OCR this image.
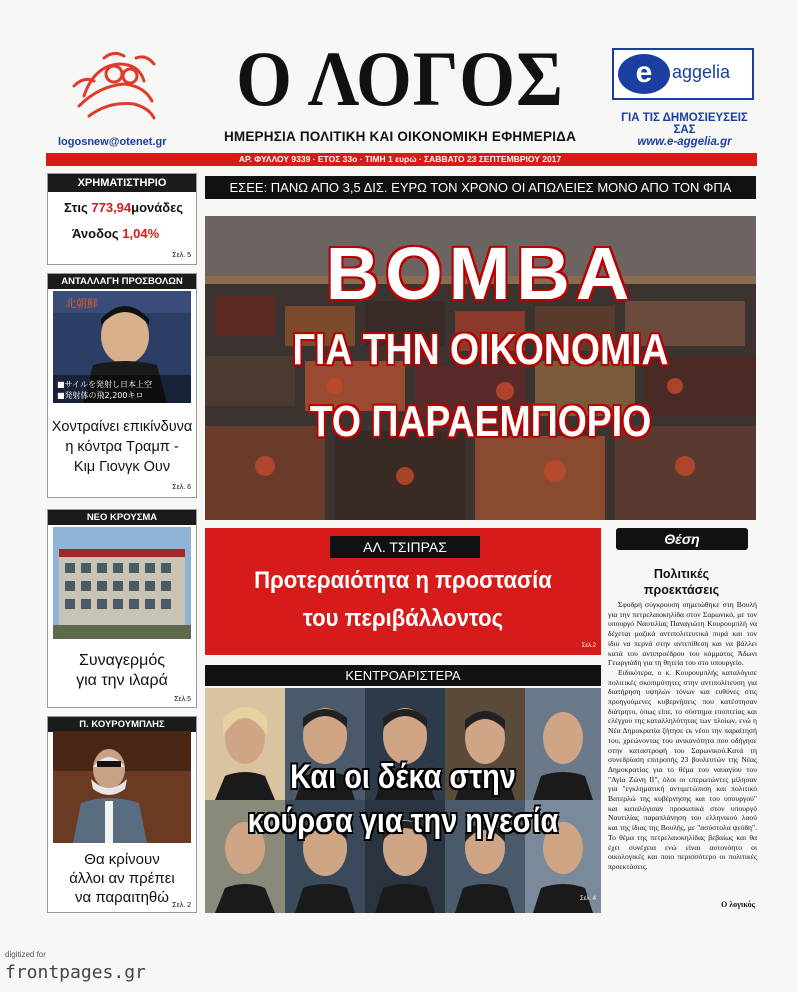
logosnew@otenet.gr
Ο ΛΟΓΟΣ
ΗΜΕΡΗΣΙΑ ΠΟΛΙΤΙΚΗ ΚΑΙ ΟΙΚΟΝΟΜΙΚΗ ΕΦΗΜΕΡΙΔΑ
e	aggelia
ΓΙΑ ΤΙΣ ΔΗΜΟΣΙΕΥΣΕΙΣ ΣΑΣ
www.e-aggelia.gr
ΑΡ. ΦΥΛΛΟΥ 9339 · ΕΤΟΣ 33ο · ΤΙΜΗ 1 ευρώ · ΣΑΒΒΑΤΟ 23 ΣΕΠΤΕΜΒΡΙΟΥ 2017
ΧΡΗΜΑΤΙΣΤΗΡΙΟ
Στις 773,94μονάδες
Άνοδος 1,04%
Σελ. 5
ΑΝΤΑΛΛΑΓΗ ΠΡΟΣΒΟΛΩΝ
北朝鮮
■サイルを発射し日本上空
■発射体の飛2,200キロ
Χοντραίνει επικίνδυνα
η κόντρα Τραμπ -
Κιμ Γιονγκ Ουν
Σελ. 6
ΝΕΟ ΚΡΟΥΣΜΑ
Συναγερμός
για την ιλαρά
Σελ.5
Π. ΚΟΥΡΟΥΜΠΛΗΣ
Θα κρίνουν
άλλοι αν πρέπει
να παραιτηθώ Σελ. 2
ΕΣΕΕ: ΠΑΝΩ ΑΠΟ 3,5 ΔΙΣ. ΕΥΡΩ ΤΟΝ ΧΡΟΝΟ ΟΙ ΑΠΩΛΕΙΕΣ ΜΟΝΟ ΑΠΟ ΤΟΝ ΦΠΑ
ΒΟΜΒΑ
ΓΙΑ ΤΗΝ ΟΙΚΟΝΟΜΙΑ
ΤΟ ΠΑΡΑΕΜΠΟΡΙΟ
ΑΛ. ΤΣΙΠΡΑΣ
Προτεραιότητα η προστασία
του περιβάλλοντος
Σελ.2
ΚΕΝΤΡΟΑΡΙΣΤΕΡΑ
Και οι δέκα στην
κούρσα για την ηγεσία
Σελ. 4
Θέση
Πολιτικές
προεκτάσεις

Σφοδρή σύγκρουση σημειώθηκε στη Βουλή για την πετρελαιοκηλίδα στον Σαρωνικό, με τον υπουργό Ναυτιλίας Παναγιώτη Κουρουμπλή να δέχεται μαζικά αντιπολιτευτικά πυρά και τον ίδιο να περνά στην αντεπίθεση και να βάλλει κατά του αντιπροέδρου του κόμματος Άδωνι Γεωργιάδη για τη θητεία του στο υπουργείο.

Ειδικότερα, ο κ. Κουρουμπλής καταλόγισε πολιτικές σκοπιμότητες στην αντιπολίτευση για διατήρηση υψηλών τόνων και ευθύνες στις προηγούμενες κυβερνήσεις που κατέστησαν διάτρητο, όπως είπε, το σύστημα εποπτείας και ελέγχου της καταλληλότητας των πλοίων, ενώ η Νέα Δημοκρατία ζήτησε εκ νέου την παραίτησή του, χρεώνοντας του ανικανότητα που οδήγησε στην καταστροφή του Σαρωνικού.Κατά τη συνεδρίαση επιτροπής 23 βουλευτών της Νέας Δημοκρατίας για το θέμα του ναυαγίου του "Αγία Ζώνη ΙΙ", όλοι οι επερωτώντες μίλησαν για "εγκληματική αντιμετώπιση και πολιτικό Βατερλώ της κυβέρνησης και του υπουργού" και καταλόγισαν προσωπικά στον υπουργό Ναυτιλίας παραπλάνηση του ελληνικού λαού και της ίδιας της Βουλής, με "ασύστολα ψεύδη". Το θέμα της πετρελαιοκηλίδας βεβαίως και θα έχει συνέχεια ενώ είναι αυτονόητο οι οικολογικές και ποιο περισσότερο οι πολιτικές προεκτάσεις.

Ο λογικός
digitized for
frontpages.gr
